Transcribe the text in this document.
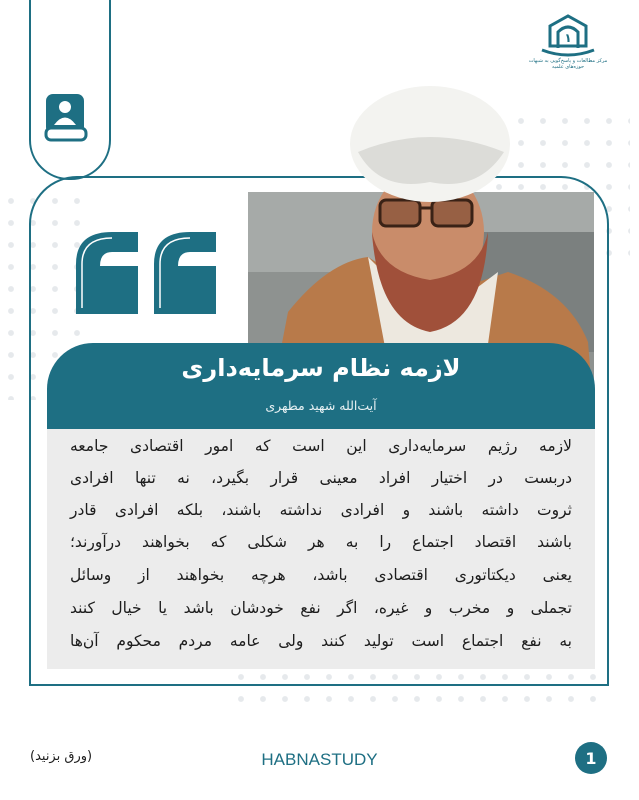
۱
مرکز مطالعات و پاسخ‌گویی به شبهات حوزه‌های علمیه
لازمه نظام سرمایه‌داری
آیت‌الله شهید مطهری
لازمه رژیم سرمایه‌داری این است که امور اقتصادی جامعه
دربست در اختیار افراد معینی قرار بگیرد، نه تنها افرادی
ثروت داشته باشند و افرادی نداشته باشند، بلکه افرادی قادر
باشند اقتصاد اجتماع را به هر شکلی که بخواهند درآورند؛
یعنی دیکتاتوری اقتصادی باشد، هرچه بخواهند از وسائل
تجملی و مخرب و غیره، اگر نفع خودشان باشد یا خیال کنند
به نفع اجتماع است تولید کنند ولی عامه مردم محکوم آن‌ها
(ورق بزنید)	HABNASTUDY	1
